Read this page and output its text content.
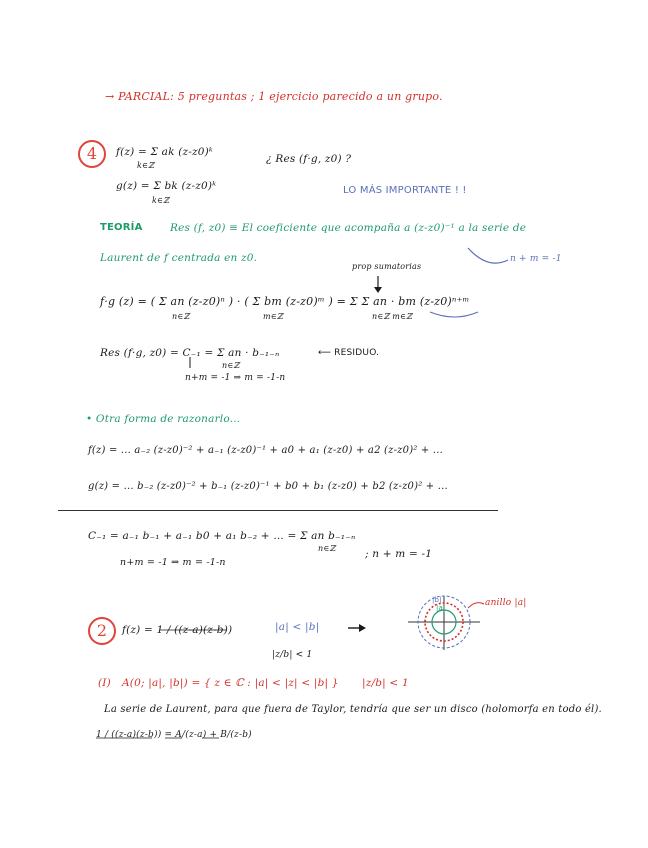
→ PARCIAL: 5 preguntas ; 1 ejercicio parecido a un grupo.
4	f(z) = Σ ak (z-z0)ᵏ
k∈ℤ
¿ Res (f·g, z0) ?
g(z) = Σ bk (z-z0)ᵏ
k∈ℤ
LO MÁS IMPORTANTE ! !
TEORÍA	Res (f, z0) ≡ El coeficiente que acompaña a (z-z0)⁻¹ a la serie de
Laurent de f centrada en z0.	n + m = -1
prop sumatorias
f·g (z) = ( Σ an (z-z0)ⁿ ) · ( Σ bm (z-z0)ᵐ ) = Σ Σ an · bm (z-z0)ⁿ⁺ᵐ
n∈ℤ	m∈ℤ	n∈ℤ m∈ℤ
Res (f·g, z0) = C₋₁ = Σ an · b₋₁₋ₙ
n∈ℤ
⟵ RESIDUO.
n+m = -1 ⇒ m = -1-n
• Otra forma de razonarlo...
f(z) = ... a₋₂ (z-z0)⁻² + a₋₁ (z-z0)⁻¹ + a0 + a₁ (z-z0) + a2 (z-z0)² + ...
g(z) = ... b₋₂ (z-z0)⁻² + b₋₁ (z-z0)⁻¹ + b0 + b₁ (z-z0) + b2 (z-z0)² + ...
C₋₁ = a₋₁ b₋₁ + a₋₁ b0 + a₁ b₋₂ + ... = Σ an b₋₁₋ₙ
n∈ℤ	; n + m = -1
n+m = -1 ⇒ m = -1-n
2	f(z) = 1 / ((z-a)(z-b))	|a| < |b|
anillo |a|
|a|
|b|
|z/b| < 1
(I) A(0; |a|, |b|) = { z ∈ ℂ : |a| < |z| < |b| } |z/b| < 1
La serie de Laurent, para que fuera de Taylor, tendría que ser un disco (holomorfa en todo él).
1 / ((z-a)(z-b)) = A/(z-a) + B/(z-b)
